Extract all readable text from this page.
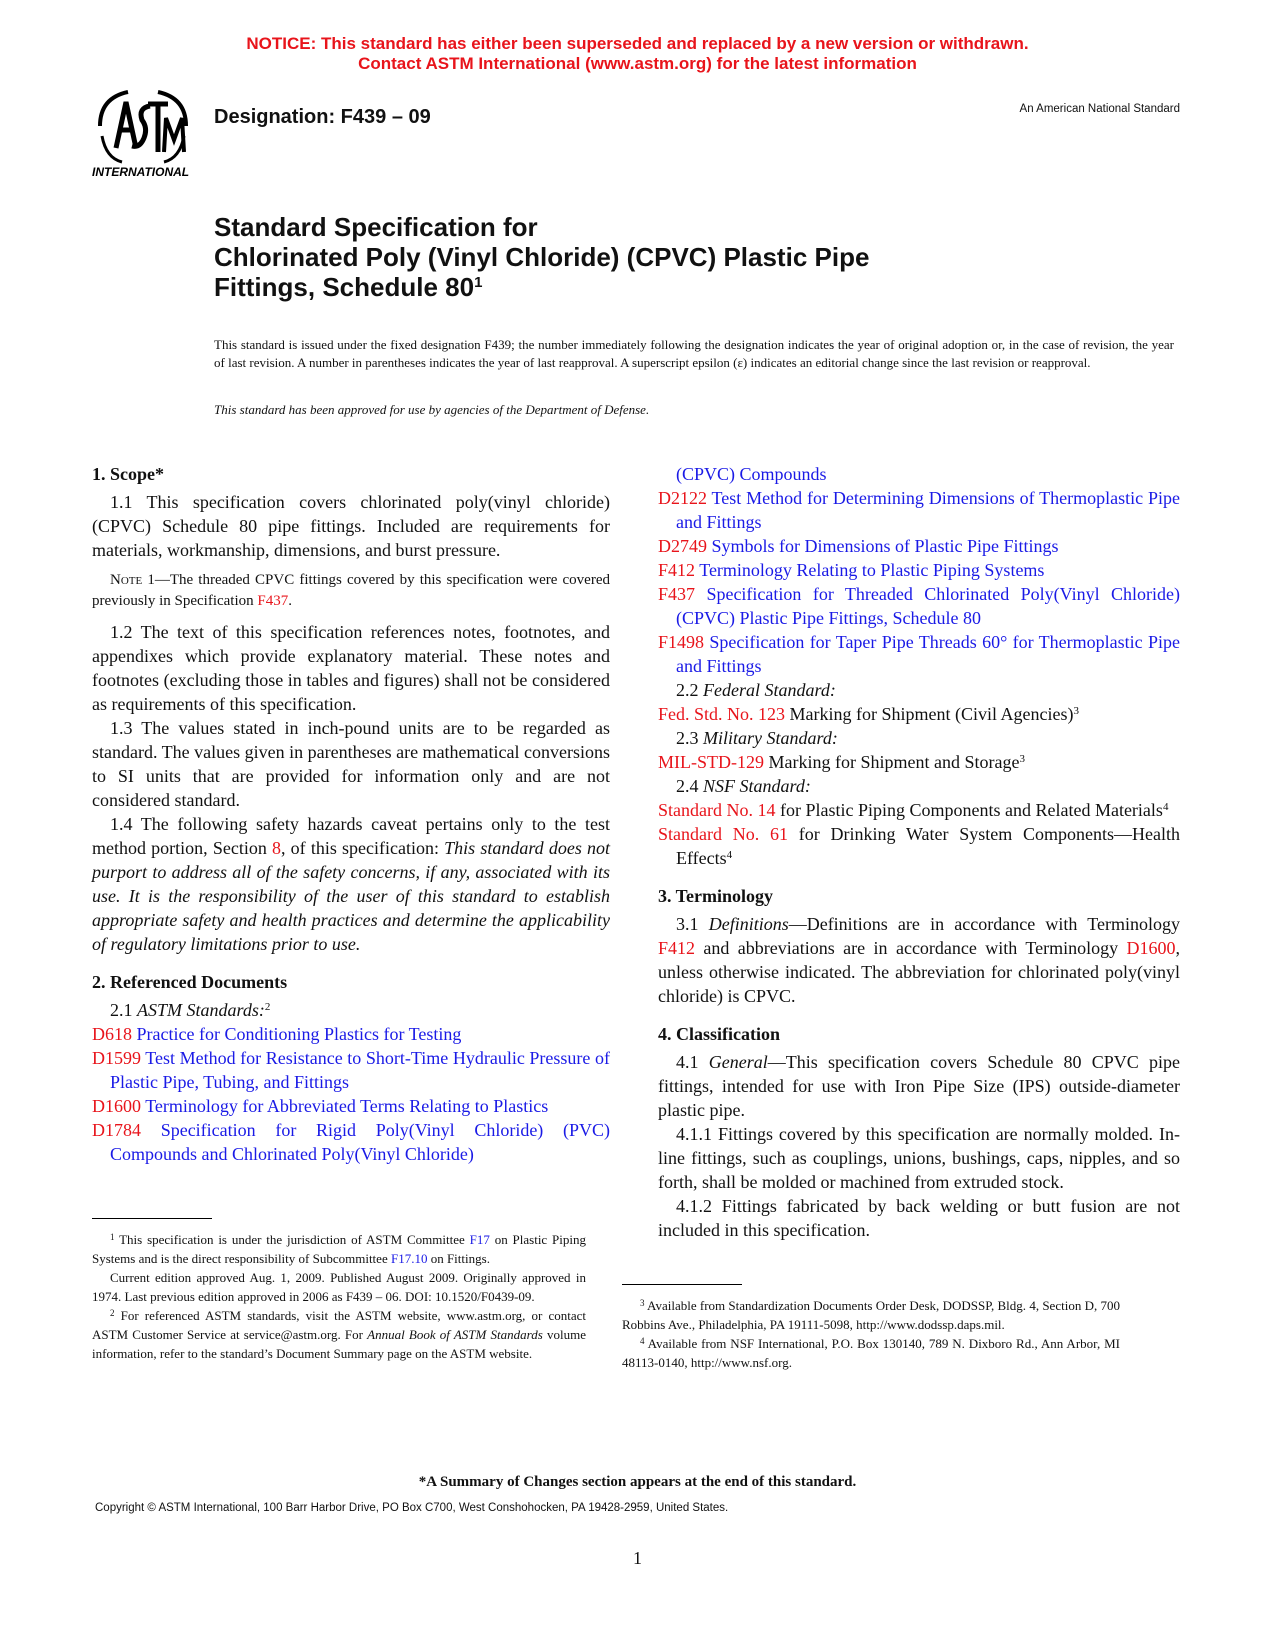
NOTICE: This standard has either been superseded and replaced by a new version or withdrawn.
Contact ASTM International (www.astm.org) for the latest information
INTERNATIONAL
Designation: F439 – 09	An American National Standard
Standard Specification for
Chlorinated Poly (Vinyl Chloride) (CPVC) Plastic Pipe
Fittings, Schedule $80^1$
This standard is issued under the fixed designation F439; the number immediately following the designation indicates the year of original adoption or, in the case of revision, the year of last revision. A number in parentheses indicates the year of last reapproval. A superscript epsilon (ε) indicates an editorial change since the last revision or reapproval.
This standard has been approved for use by agencies of the Department of Defense.

1. Scope*

1.1 This specification covers chlorinated poly(vinyl chloride) (CPVC) Schedule 80 pipe fittings. Included are requirements for materials, workmanship, dimensions, and burst pressure.

Note 1—The threaded CPVC fittings covered by this specification were covered previously in Specification F437.

1.2 The text of this specification references notes, footnotes, and appendixes which provide explanatory material. These notes and footnotes (excluding those in tables and figures) shall not be considered as requirements of this specification.

1.3 The values stated in inch-pound units are to be regarded as standard. The values given in parentheses are mathematical conversions to SI units that are provided for information only and are not considered standard.

1.4 The following safety hazards caveat pertains only to the test method portion, Section 8, of this specification: This standard does not purport to address all of the safety concerns, if any, associated with its use. It is the responsibility of the user of this standard to establish appropriate safety and health practices and determine the applicability of regulatory limitations prior to use.

2. Referenced Documents

2.1 ASTM Standards:$^2$

D618 Practice for Conditioning Plastics for Testing

D1599 Test Method for Resistance to Short-Time Hydraulic Pressure of Plastic Pipe, Tubing, and Fittings

D1600 Terminology for Abbreviated Terms Relating to Plastics

D1784 Specification for Rigid Poly(Vinyl Chloride) (PVC) Compounds and Chlorinated Poly(Vinyl Chloride)

$^1$ This specification is under the jurisdiction of ASTM Committee F17 on Plastic Piping Systems and is the direct responsibility of Subcommittee F17.10 on Fittings.

Current edition approved Aug. 1, 2009. Published August 2009. Originally approved in 1974. Last previous edition approved in 2006 as F439 – 06. DOI: 10.1520/F0439-09.

$^2$ For referenced ASTM standards, visit the ASTM website, www.astm.org, or contact ASTM Customer Service at service@astm.org. For Annual Book of ASTM Standards volume information, refer to the standard’s Document Summary page on the ASTM website.

(CPVC) Compounds

D2122 Test Method for Determining Dimensions of Thermoplastic Pipe and Fittings

D2749 Symbols for Dimensions of Plastic Pipe Fittings

F412 Terminology Relating to Plastic Piping Systems

F437 Specification for Threaded Chlorinated Poly(Vinyl Chloride) (CPVC) Plastic Pipe Fittings, Schedule 80

F1498 Specification for Taper Pipe Threads 60° for Thermoplastic Pipe and Fittings

2.2 Federal Standard:

Fed. Std. No. 123 Marking for Shipment (Civil Agencies)$^3$

2.3 Military Standard:

MIL-STD-129 Marking for Shipment and Storage$^3$

2.4 NSF Standard:

Standard No. 14 for Plastic Piping Components and Related Materials$^4$

Standard No. 61 for Drinking Water System Components—Health Effects$^4$

3. Terminology

3.1 Definitions—Definitions are in accordance with Terminology F412 and abbreviations are in accordance with Terminology D1600, unless otherwise indicated. The abbreviation for chlorinated poly(vinyl chloride) is CPVC.

4. Classification

4.1 General—This specification covers Schedule 80 CPVC pipe fittings, intended for use with Iron Pipe Size (IPS) outside-diameter plastic pipe.

4.1.1 Fittings covered by this specification are normally molded. In-line fittings, such as couplings, unions, bushings, caps, nipples, and so forth, shall be molded or machined from extruded stock.

4.1.2 Fittings fabricated by back welding or butt fusion are not included in this specification.

$^3$ Available from Standardization Documents Order Desk, DODSSP, Bldg. 4, Section D, 700 Robbins Ave., Philadelphia, PA 19111-5098, http://www.dodssp.daps.mil.

$^4$ Available from NSF International, P.O. Box 130140, 789 N. Dixboro Rd., Ann Arbor, MI 48113-0140, http://www.nsf.org.

*A Summary of Changes section appears at the end of this standard.
Copyright © ASTM International, 100 Barr Harbor Drive, PO Box C700, West Conshohocken, PA 19428-2959, United States.
1
